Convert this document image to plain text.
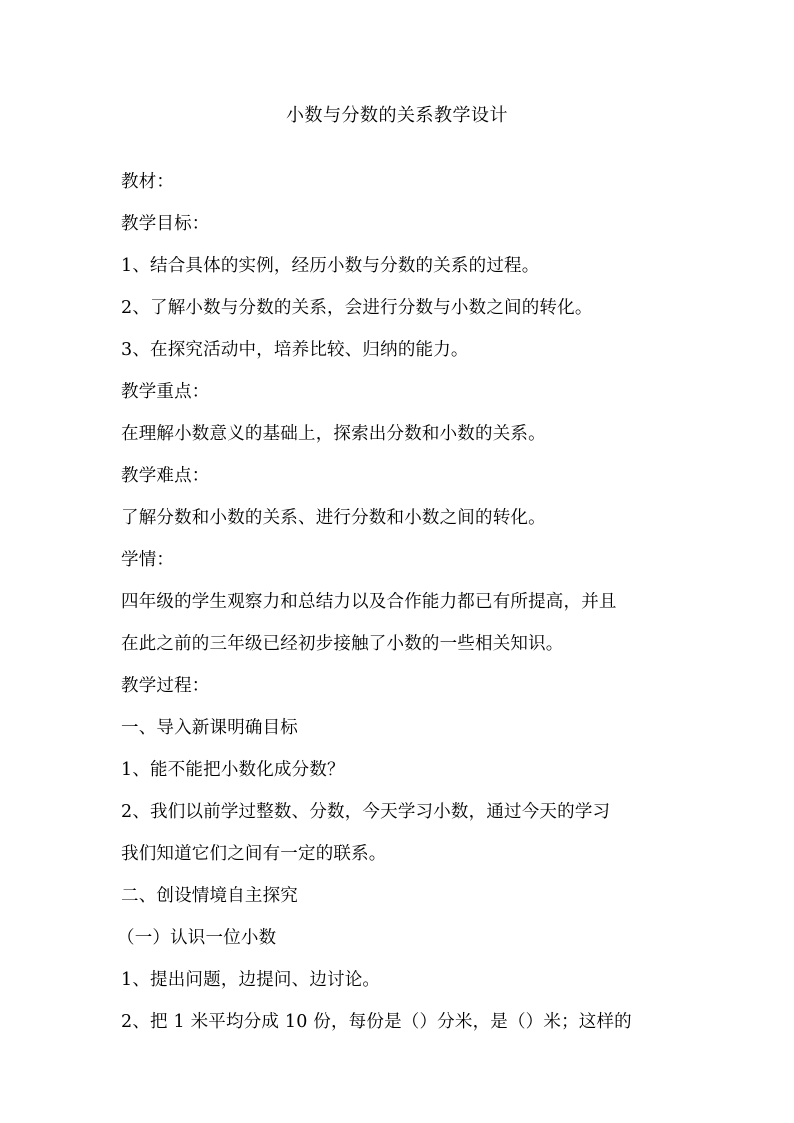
小数与分数的关系教学设计
教材：
教学目标：
1、结合具体的实例，经历小数与分数的关系的过程。
2、了解小数与分数的关系，会进行分数与小数之间的转化。
3、在探究活动中，培养比较、归纳的能力。
教学重点：
在理解小数意义的基础上，探索出分数和小数的关系。
教学难点：
了解分数和小数的关系、进行分数和小数之间的转化。
学情：
四年级的学生观察力和总结力以及合作能力都已有所提高，并且
在此之前的三年级已经初步接触了小数的一些相关知识。
教学过程：
一、导入新课明确目标
1、能不能把小数化成分数？
2、我们以前学过整数、分数，今天学习小数，通过今天的学习
我们知道它们之间有一定的联系。
二、创设情境自主探究
（一）认识一位小数
1、提出问题，边提问、边讨论。
2、把 1 米平均分成 10 份，每份是（）分米，是（）米；这样的
